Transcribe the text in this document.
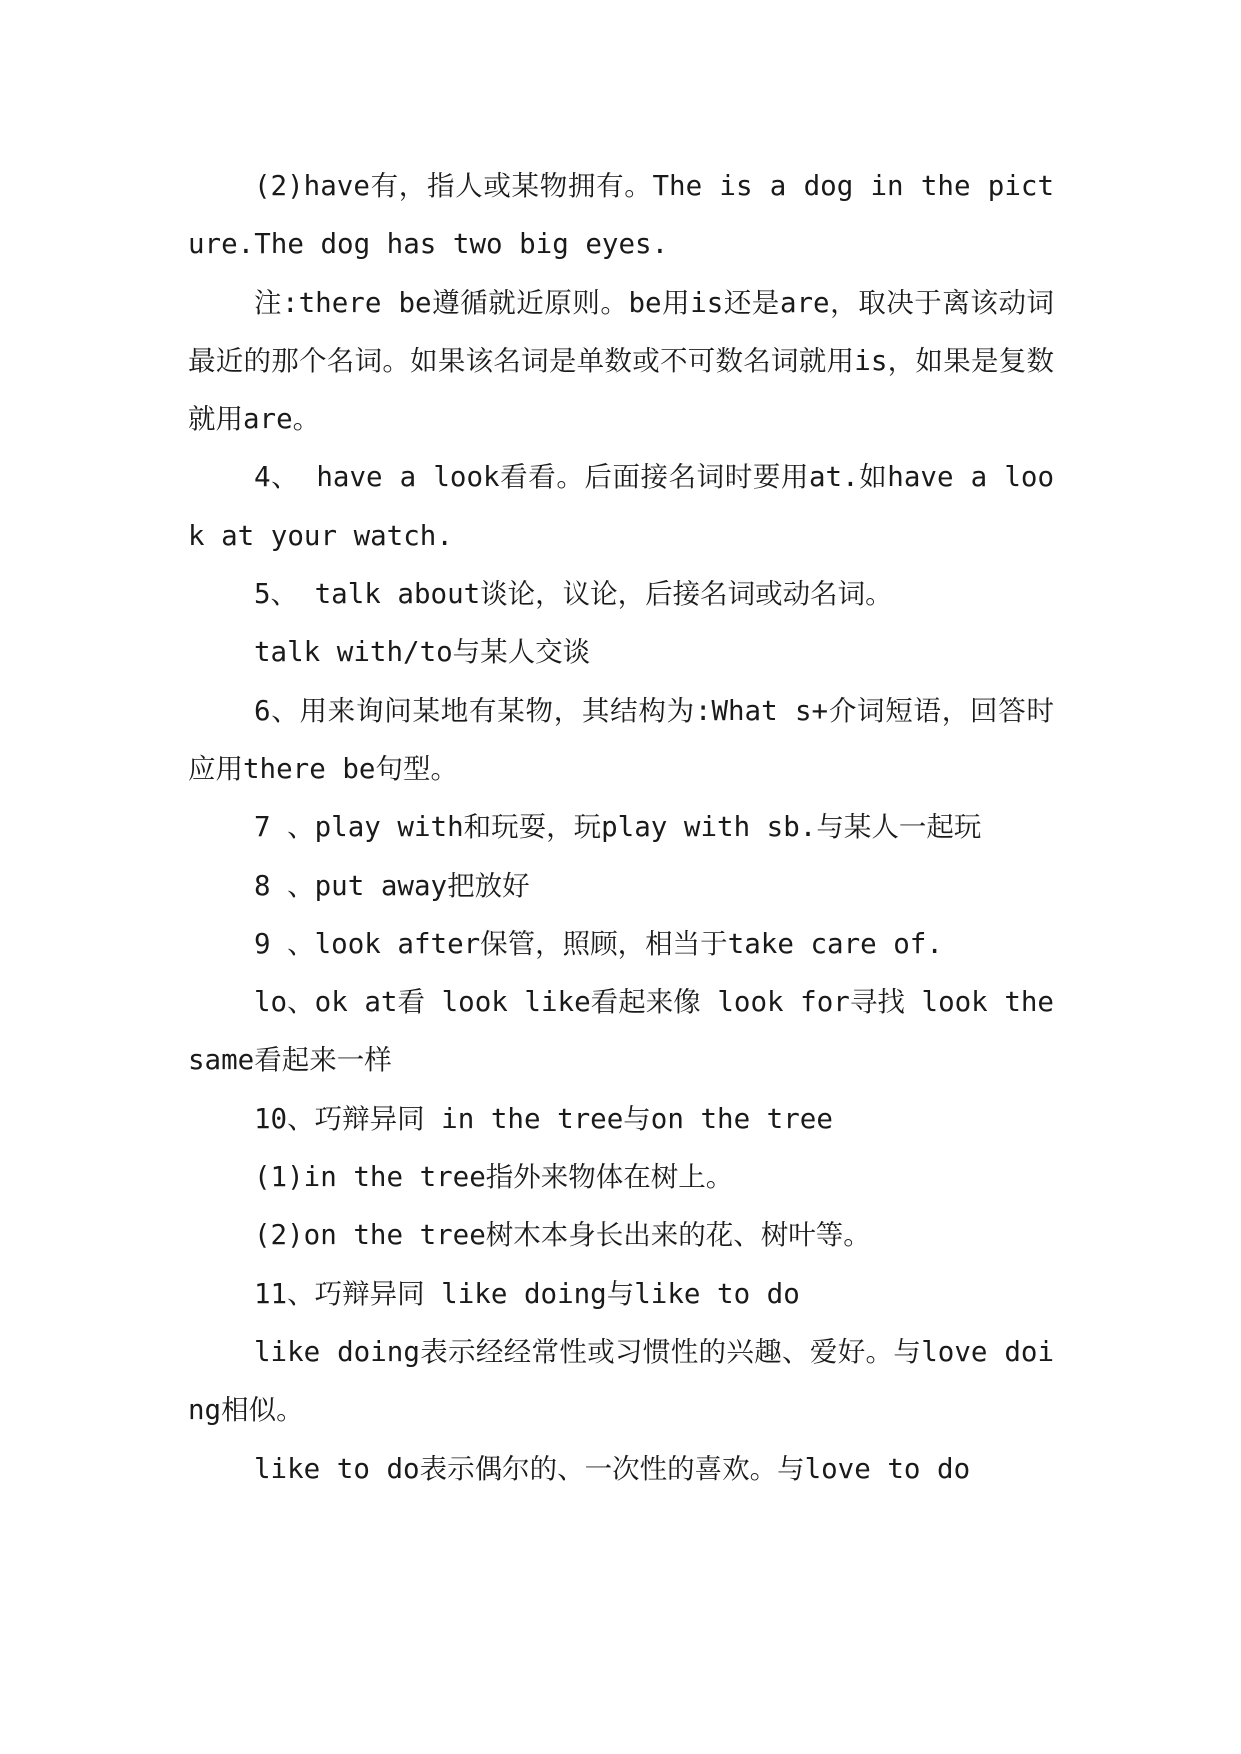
(2)have有，指人或某物拥有。The is a dog in the picture.The dog has two big eyes.

注:there be遵循就近原则。be用is还是are，取决于离该动词最近的那个名词。如果该名词是单数或不可数名词就用is，如果是复数就用are。

4、 have a look看看。后面接名词时要用at.如have a look at your watch.

5、 talk about谈论，议论，后接名词或动名词。

talk with/to与某人交谈

6、用来询问某地有某物，其结构为:What s+介词短语，回答时应用there be句型。

7 、play with和玩耍，玩play with sb.与某人一起玩

8 、put away把放好

9 、look after保管，照顾，相当于take care of.

lo、ok at看 look like看起来像 look for寻找 look the same看起来一样

10、巧辩异同 in the tree与on the tree

(1)in the tree指外来物体在树上。

(2)on the tree树木本身长出来的花、树叶等。

11、巧辩异同 like doing与like to do

like doing表示经经常性或习惯性的兴趣、爱好。与love doing相似。

like to do表示偶尔的、一次性的喜欢。与love to do
